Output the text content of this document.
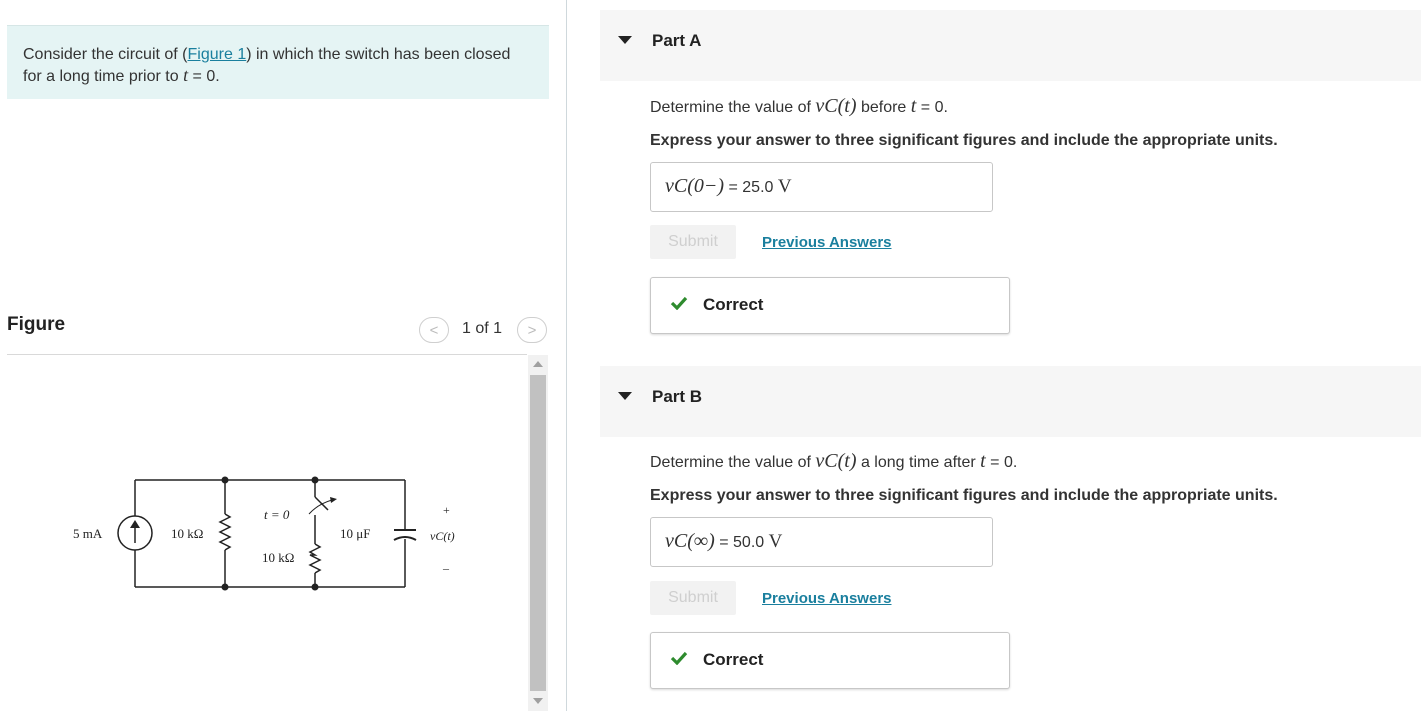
Consider the circuit of (Figure 1) in which the switch has been closed for a long time prior to t = 0.
Figure	<	1 of 1	>
5 mA	10 kΩ
t = 0
10 kΩ
10 μF
+
–
vC(t)
Part A
Determine the value of vC(t) before t = 0.
Express your answer to three significant figures and include the appropriate units.
vC(0−) = 25.0 V
Submit	Previous Answers
Correct
Part B
Determine the value of vC(t) a long time after t = 0.
Express your answer to three significant figures and include the appropriate units.
vC(∞) = 50.0 V
Submit	Previous Answers
Correct
